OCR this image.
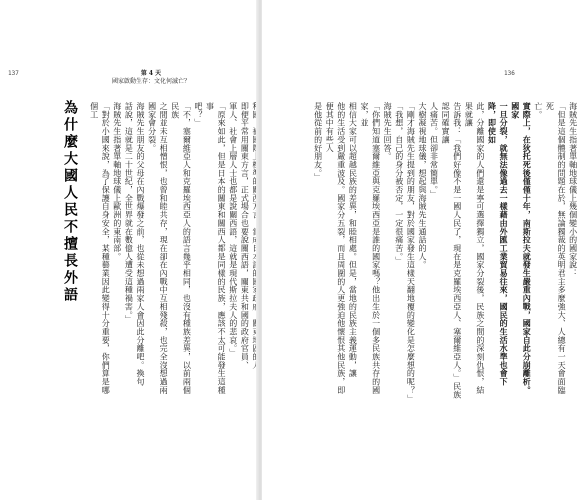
137	第 4 天
國家啟動生存：文化何滅亡？
即便平常用關東方言，正式場合也要說關西語，關東共和國的政府官員、
軍人、社會上層人士也都是說關西語，這就是現代斯拉夫人的悲哀。」
「原來如此，但是日本的關東和關西人都是同樣的民族，應該不太可能發生這種事
吧？」
「不，塞爾維亞人和克羅埃西亞人的語言幾乎相同，也沒有種族差異，以前兩個民族
之間並未互相憎恨，也曾和睦共存，現在卻在內戰中互相殘殺，也完全沒想過兩國家會分裂。
海賊先生朋友的父母在內戰爆發之前，也從未想過兩家人會因此分離吧。換句
話說，這就是二十世紀，全世界就在數億人遭受這種禍害。」
海賊先生指著單軸地球儀上歐洲的東南部。
「對於小國來說，為了保護自身安全，某種藝業因此變得十分重要，你們算是哪個工
為什麼大國人民不擅長外語
136
海賊先生指著單軸地球儀上幾個變小的國家說：
「但是這個體制的問題在於，無論獨裁的英明君主多麼強大、人總有一天會面臨死
亡。
實際上，在狄托死後僅僅十年，南斯拉夫就發生嚴重內戰，國家自此分崩離析。國家
一旦分裂，就無法像過去一樣藉由外匯工業貿易往來，國民的生活水準也會下降，即使如
此，分離國家的人們還是寧可選擇獨立，國家分裂後，民族之間的深刻仇恨，結果就讓
告訴我：「我們好像不是一國人民了，現在是克羅埃西亞人、塞爾維亞人。」民族認同確實讓
人痛苦。但卻非常簡單。」
大樹凝視地球儀，想起與海賊先生通話的人。
「剛才海賊先生提到的朋友，對於國家發生這樣天翻地覆的變化是怎麼想的呢？」
「我想，自己的身分被否定，一定很痛苦。」
海賊先生回答。
「你們知道塞爾維亞與克羅埃西亞是誰的國家嗎？他出生於一個多民族共存的國家，並
相信大家可以超越民族的差異，和睦相處。但是，當地的民族主義運動，讓
他的生活受到嚴重波及。國家分五裂，而且周圍的人更強迫他懷恨其他民族，即便其中有些人
是他從前的好朋友。」
